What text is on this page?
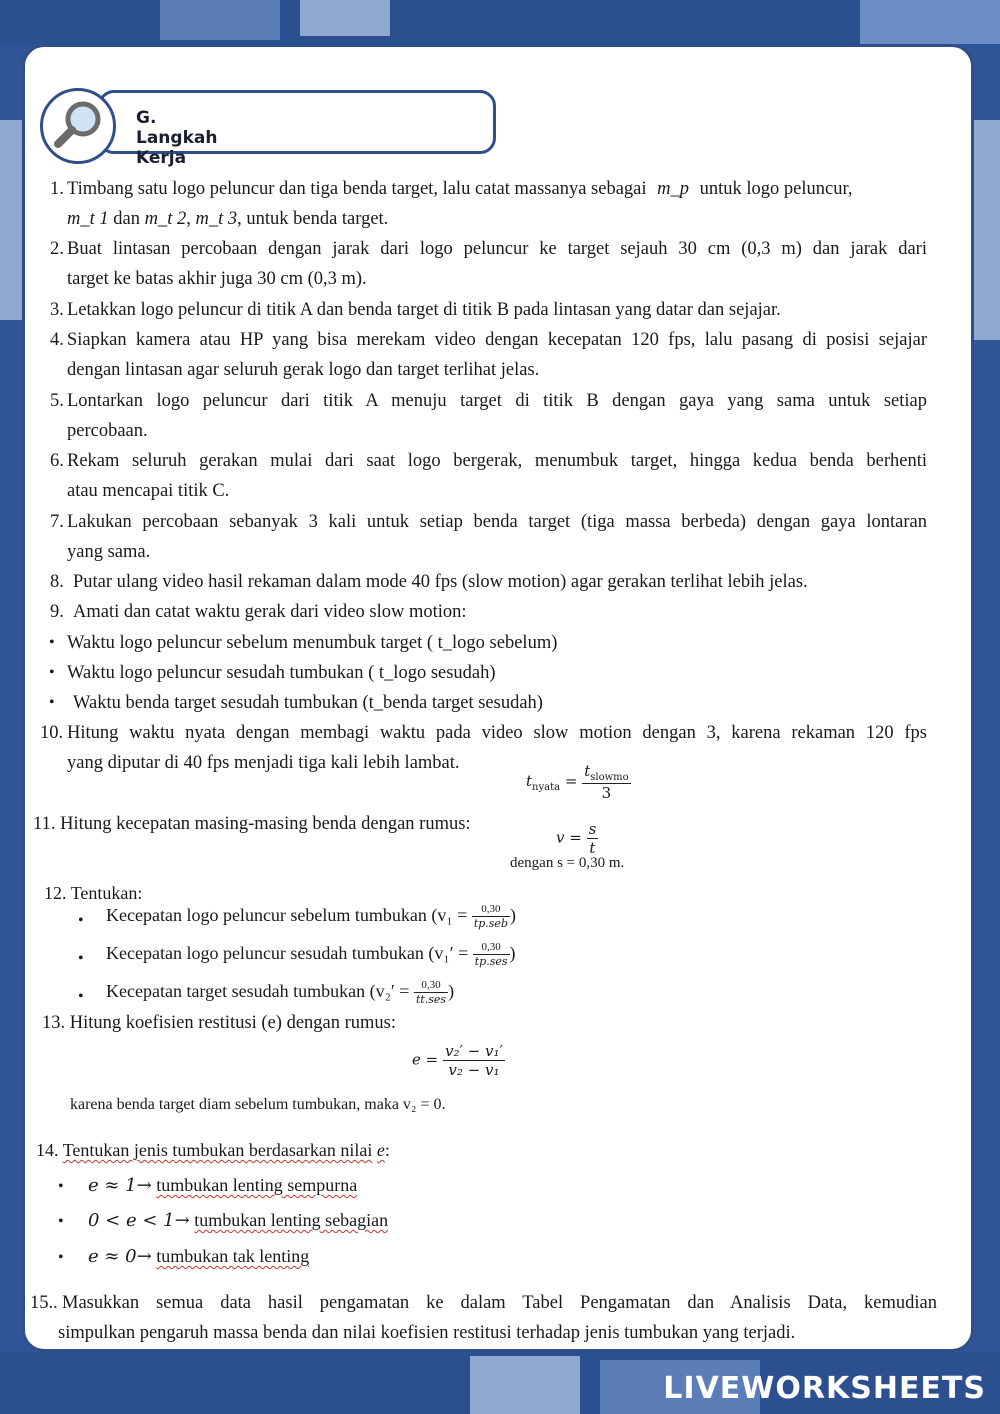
G. Langkah Kerja
1. Timbang satu logo peluncur dan tiga benda target, lalu catat massanya sebagai m_p untuk logo peluncur,
m_t 1 dan m_t 2, m_t 3, untuk benda target.
2. Buat lintasan percobaan dengan jarak dari logo peluncur ke target sejauh 30 cm (0,3 m) dan jarak dari
target ke batas akhir juga 30 cm (0,3 m).
3. Letakkan logo peluncur di titik A dan benda target di titik B pada lintasan yang datar dan sejajar.
4. Siapkan kamera atau HP yang bisa merekam video dengan kecepatan 120 fps, lalu pasang di posisi sejajar
dengan lintasan agar seluruh gerak logo dan target terlihat jelas.
5. Lontarkan logo peluncur dari titik A menuju target di titik B dengan gaya yang sama untuk setiap
percobaan.
6. Rekam seluruh gerakan mulai dari saat logo bergerak, menumbuk target, hingga kedua benda berhenti
atau mencapai titik C.
7. Lakukan percobaan sebanyak 3 kali untuk setiap benda target (tiga massa berbeda) dengan gaya lontaran
yang sama.
8. Putar ulang video hasil rekaman dalam mode 40 fps (slow motion) agar gerakan terlihat lebih jelas.
9. Amati dan catat waktu gerak dari video slow motion:
• Waktu logo peluncur sebelum menumbuk target ( t_logo sebelum)
• Waktu logo peluncur sesudah tumbukan ( t_logo sesudah)
• Waktu benda target sesudah tumbukan (t_benda target sesudah)
10. Hitung waktu nyata dengan membagi waktu pada video slow motion dengan 3, karena rekaman 120 fps
yang diputar di 40 fps menjadi tiga kali lebih lambat.
$t_{nyata} = \frac{t_{slowmo}}{3}$
11. Hitung kecepatan masing-masing benda dengan rumus:
$v = \frac{s}{t}$
dengan s = 0,30 m.
12. Tentukan:
• Kecepatan logo peluncur sebelum tumbukan ($v_1 = \frac{0,30}{\text{tp.seb}}$ )
• Kecepatan logo peluncur sesudah tumbukan ($v_1' = \frac{0,30}{\text{tp.ses}}$ )
• Kecepatan target sesudah tumbukan ($v_2' = \frac{0,30}{\text{tt.ses}}$ )
13. Hitung koefisien restitusi (e) dengan rumus:
$e = \frac{\text{v₂′ − v₁′}}{\text{v₂ − v₁}}$
karena benda target diam sebelum tumbukan, maka v₂ = 0.
14. Tentukan jenis tumbukan berdasarkan nilai e:
• e ≈ 1→ tumbukan lenting sempurna
• 0 < e < 1→ tumbukan lenting sebagian
• e ≈ 0→ tumbukan tak lenting
15.. Masukkan semua data hasil pengamatan ke dalam Tabel Pengamatan dan Analisis Data, kemudian
simpulkan pengaruh massa benda dan nilai koefisien restitusi terhadap jenis tumbukan yang terjadi.
LIVEWORKSHEETS
